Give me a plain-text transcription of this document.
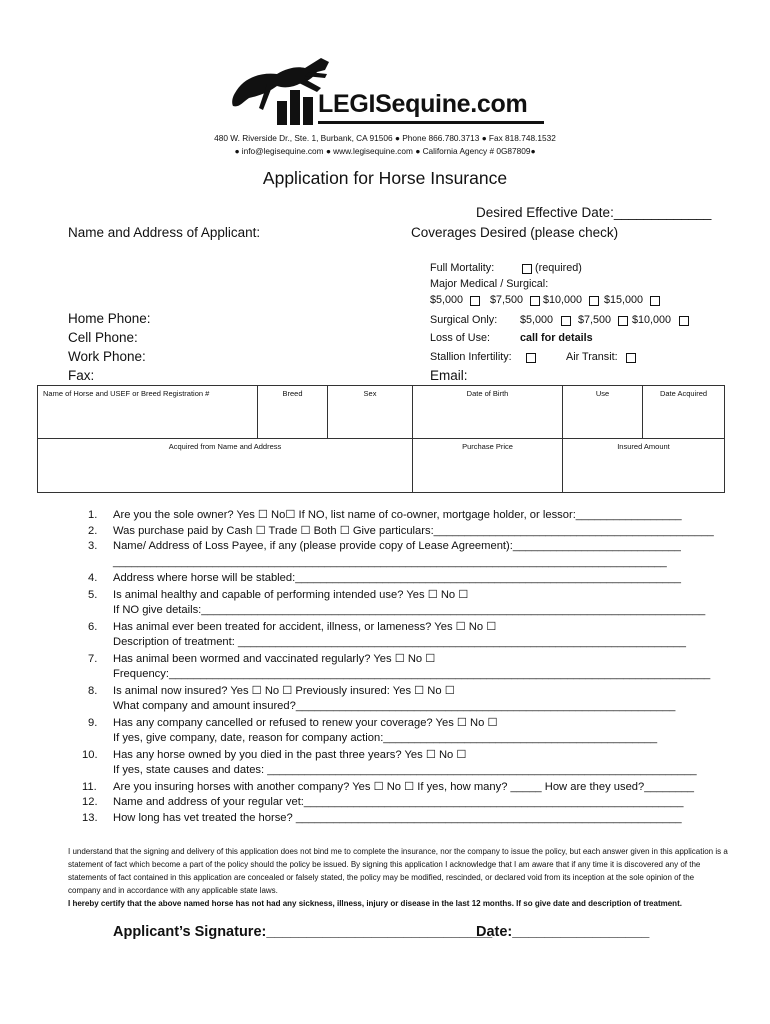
LEGISequine.com
480 W. Riverside Dr., Ste. 1, Burbank, CA 91506 ● Phone 866.780.3713 ● Fax 818.748.1532
● info@legisequine.com ● www.legisequine.com ● California Agency # 0G87809●
Application for Horse Insurance
Desired Effective Date:_____________
Name and Address of Applicant:	Coverages Desired (please check)
Home Phone:
Cell Phone:
Work Phone:
Fax:
Full Mortality:	(required)
Major Medical / Surgical:
$5,000 $7,500 $10,000 $15,000
Surgical Only: $5,000 $7,500 $10,000
Loss of Use:	call for details
Stallion Infertility:	Air Transit:
Email:
Name of Horse and USEF or Breed Registration #	Breed	Sex	Date of Birth	Use	Date Acquired
Acquired from Name and Address			Purchase Price	Insured Amount	
1. Are you the sole owner? Yes ☐ No☐ If NO, list name of co-owner, mortgage holder, or lessor:_________________
2. Was purchase paid by Cash ☐ Trade ☐ Both ☐ Give particulars:_____________________________________________
3. Name/ Address of Loss Payee, if any (please provide copy of Lease Agreement):___________________________
_________________________________________________________________________________________
4. Address where horse will be stabled:______________________________________________________________
5. Is animal healthy and capable of performing intended use? Yes ☐ No ☐
If NO give details:_________________________________________________________________________________
6. Has animal ever been treated for accident, illness, or lameness? Yes ☐ No ☐
Description of treatment: ________________________________________________________________________
7. Has animal been wormed and vaccinated regularly? Yes ☐ No ☐
Frequency:_______________________________________________________________________________________
8. Is animal now insured? Yes ☐ No ☐ Previously insured: Yes ☐ No ☐
What company and amount insured?_____________________________________________________________
9. Has any company cancelled or refused to renew your coverage? Yes ☐ No ☐
If yes, give company, date, reason for company action:____________________________________________
10. Has any horse owned by you died in the past three years? Yes ☐ No ☐
If yes, state causes and dates: _____________________________________________________________________
11. Are you insuring horses with another company? Yes ☐ No ☐ If yes, how many? _____ How are they used?________
12. Name and address of your regular vet:_____________________________________________________________
13. How long has vet treated the horse? ______________________________________________________________
I understand that the signing and delivery of this application does not bind me to complete the insurance, nor the company to issue the policy, but each answer given in this application is a statement of fact which become a part of the policy should the policy be issued. By signing this application I acknowledge that I am aware that if any time it is discovered any of the statements of fact contained in this application are concealed or falsely stated, the policy may be modified, rescinded, or declared void from its inception at the sole opinion of the company and in accordance with any applicable state laws.
I hereby certify that the above named horse has not had any sickness, illness, injury or disease in the last 12 months. If so give date and description of treatment.
Applicant’s Signature:____________________________
Date:_________________
